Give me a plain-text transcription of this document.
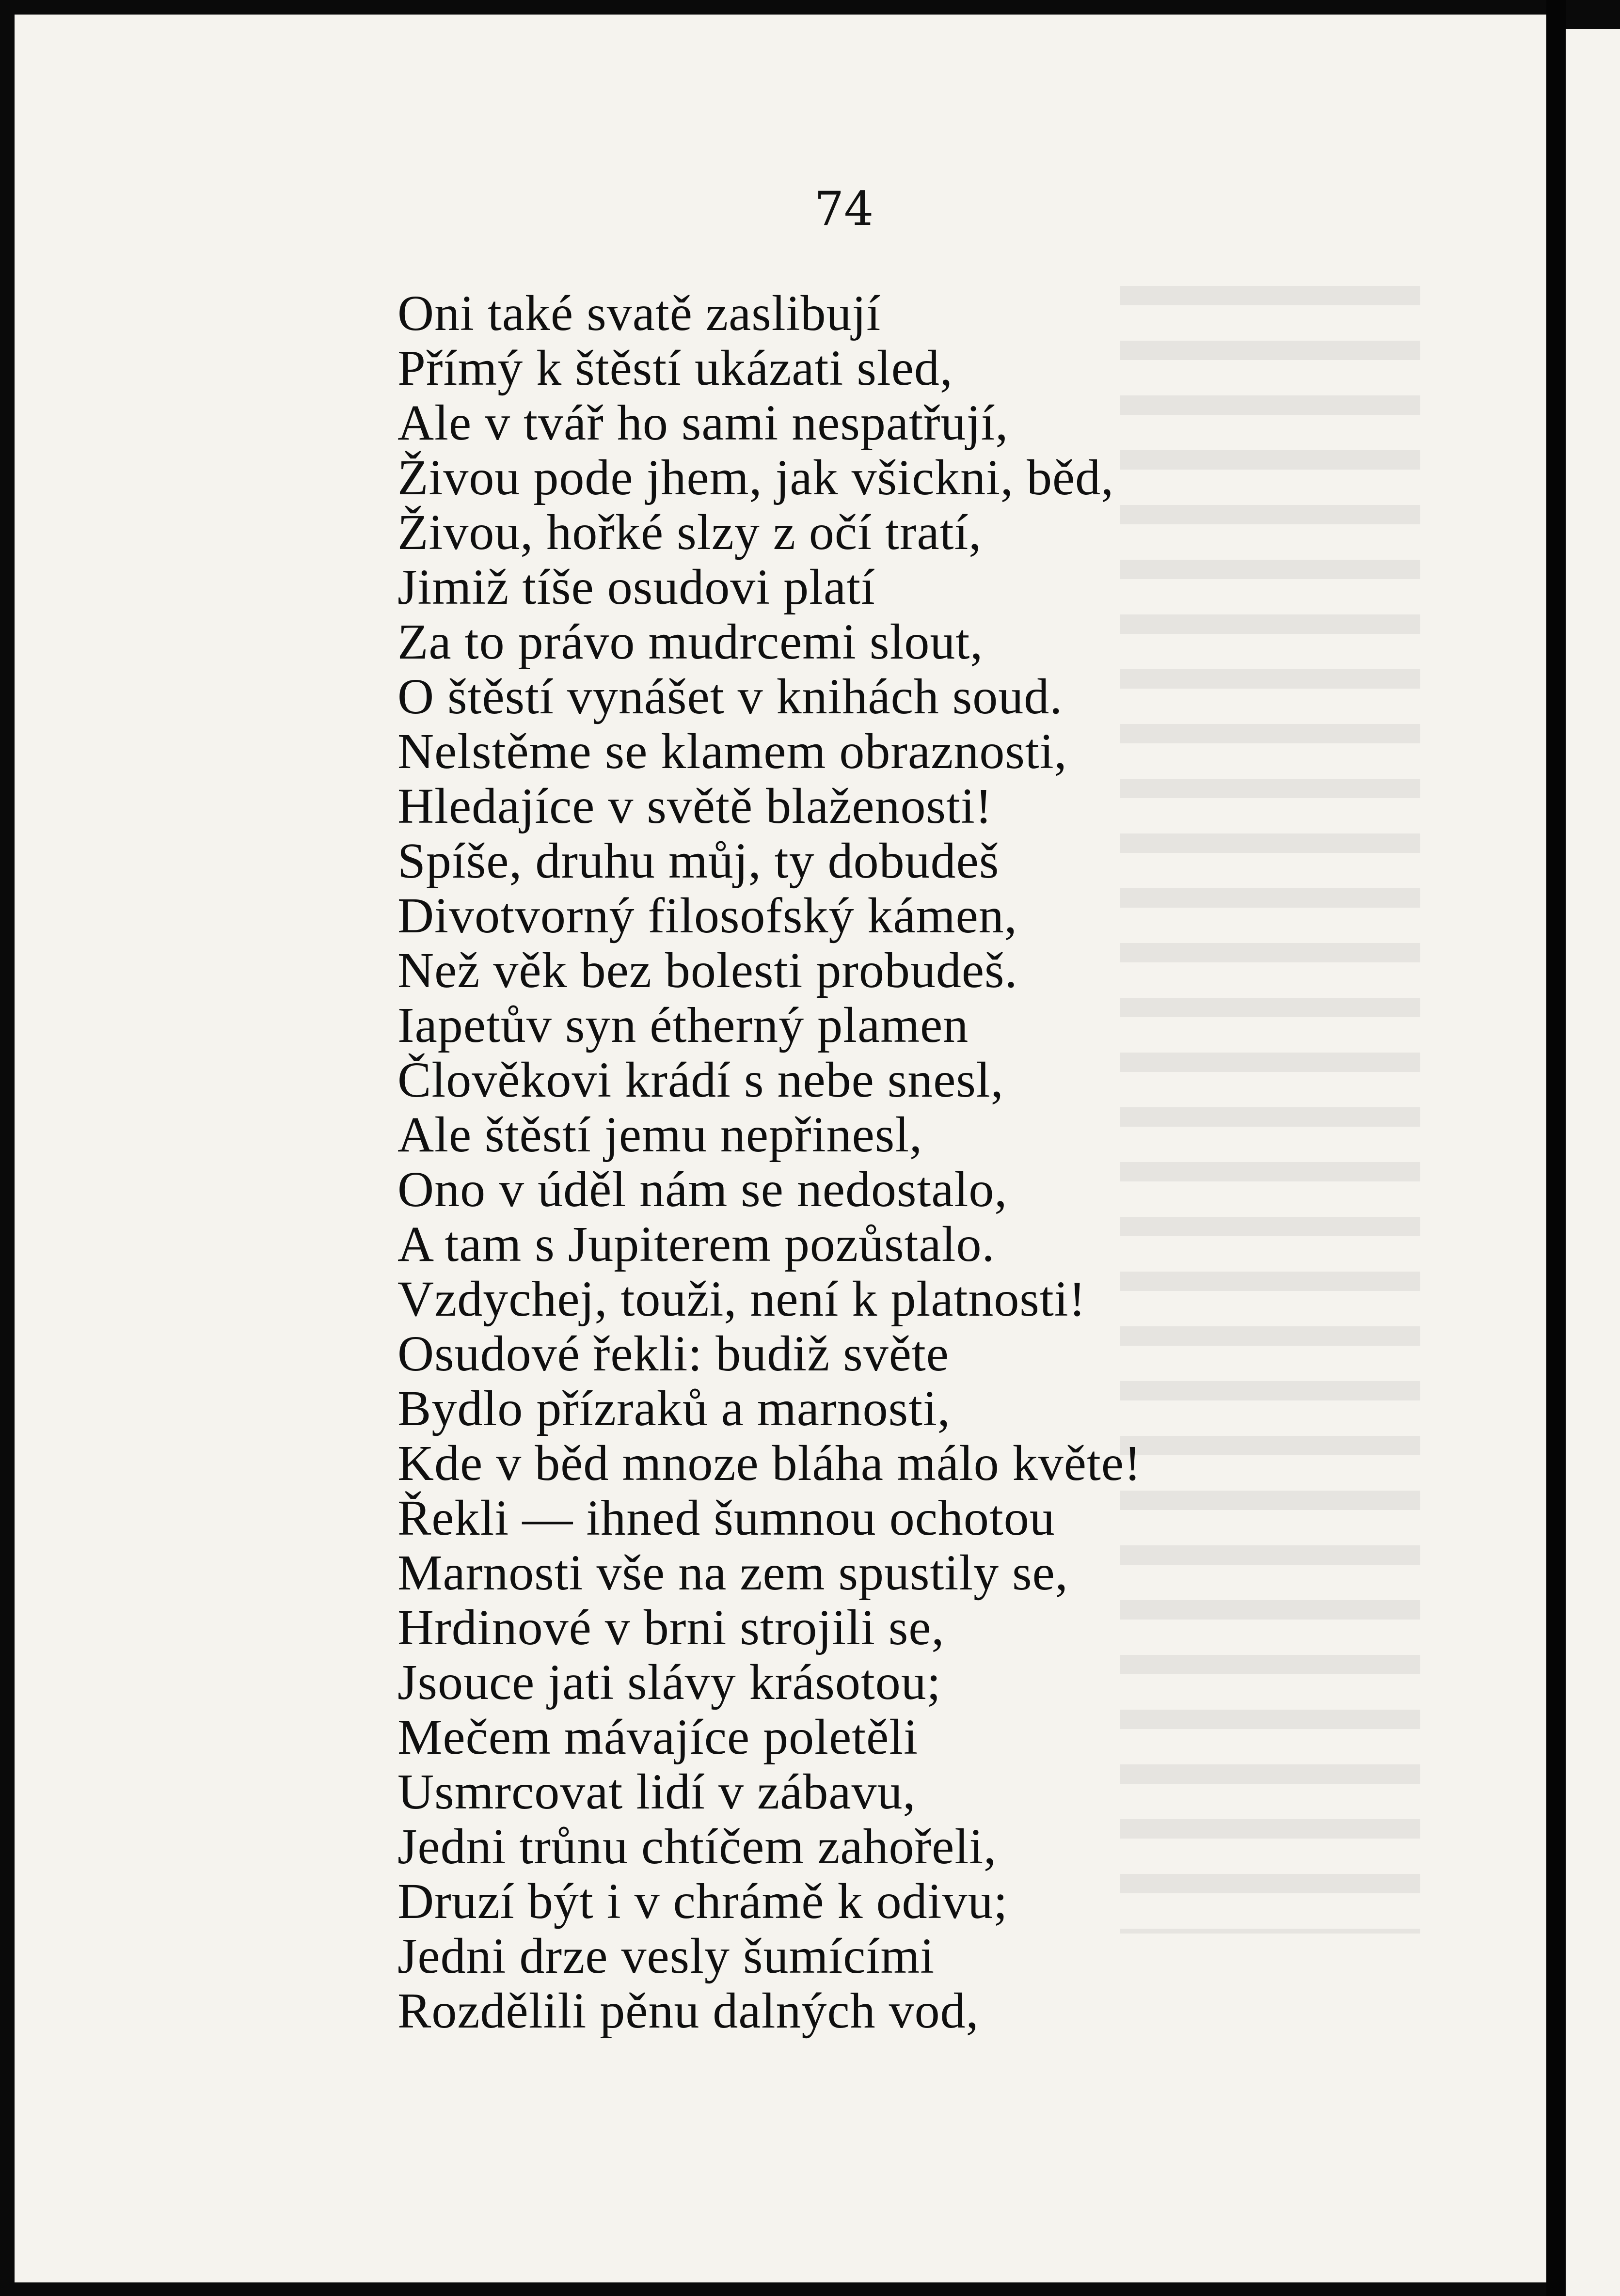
74

Oni také svatě zaslibují
Přímý k štěstí ukázati sled,
Ale v tvář ho sami nespatřují,
Živou pode jhem, jak všickni, běd,
Živou, hořké slzy z očí tratí,
Jimiž tíše osudovi platí
Za to právo mudrcemi slout,
O štěstí vynášet v knihách soud.
Nelstěme se klamem obraznosti,
Hledajíce v světě blaženosti!
Spíše, druhu můj, ty dobudeš
Divotvorný filosofský kámen,
Než věk bez bolesti probudeš.
Iapetův syn étherný plamen
Člověkovi krádí s nebe snesl,
Ale štěstí jemu nepřinesl,
Ono v úděl nám se nedostalo,
A tam s Jupiterem pozůstalo.
Vzdychej, touži, není k platnosti!
Osudové řekli: budiž světe
Bydlo přízraků a marnosti,
Kde v běd mnoze bláha málo květe!
Řekli — ihned šumnou ochotou
Marnosti vše na zem spustily se,
Hrdinové v brni strojili se,
Jsouce jati slávy krásotou;
Mečem mávajíce poletěli
Usmrcovat lidí v zábavu,
Jedni trůnu chtíčem zahořeli,
Druzí být i v chrámě k odivu;
Jedni drze vesly šumícími
Rozdělili pěnu dalných vod,
